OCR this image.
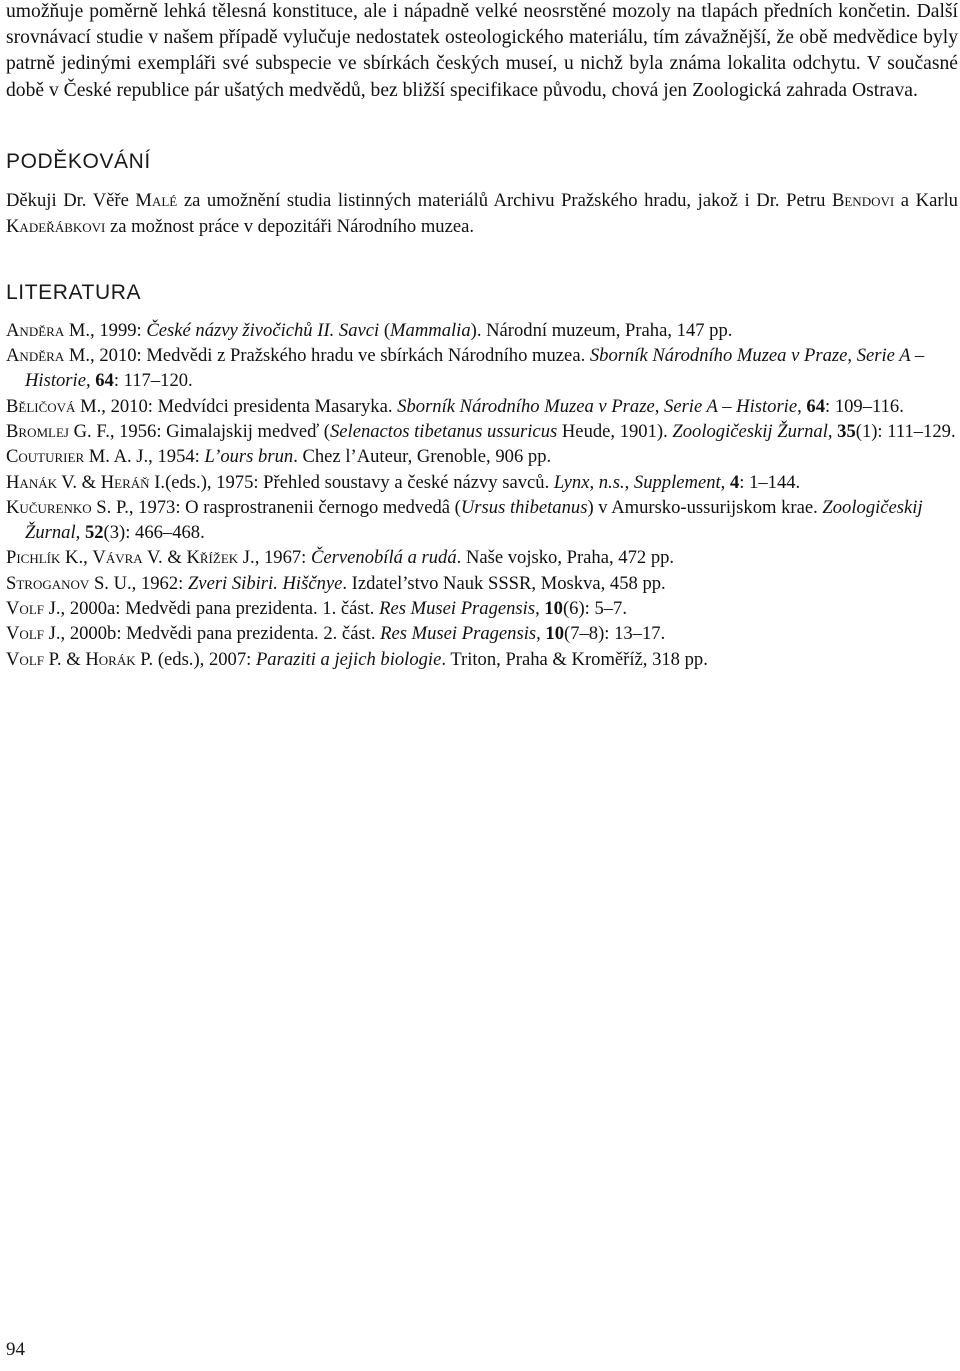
umožňuje poměrně lehká tělesná konstituce, ale i nápadně velké neosrstěné mozoly na tlapách předních končetin. Další srovnávací studie v našem případě vylučuje nedostatek osteologického materiálu, tím závažnější, že obě medvědice byly patrně jedinými exempláři své subspecie ve sbírkách českých museí, u nichž byla známa lokalita odchytu. V současné době v České republice pár ušatých medvědů, bez bližší specifikace původu, chová jen Zoologická zahrada Ostrava.

PODĚKOVÁNÍ

Děkuji Dr. Věře Malé za umožnění studia listinných materiálů Archivu Pražského hradu, jakož i Dr. Petru Bendovi a Karlu Kadeřábkovi za možnost práce v depozitáři Národního muzea.

LITERATURA

Anděra M., 1999: České názvy živočichů II. Savci (Mammalia). Národní muzeum, Praha, 147 pp.

Anděra M., 2010: Medvědi z Pražského hradu ve sbírkách Národního muzea. Sborník Národního Muzea v Praze, Serie A – Historie, 64: 117–120.

Běličová M., 2010: Medvídci presidenta Masaryka. Sborník Národního Muzea v Praze, Serie A – Historie, 64: 109–116.

Bromlej G. F., 1956: Gimalajskij medveď (Selenactos tibetanus ussuricus Heude, 1901). Zoologičeskij Žurnal, 35(1): 111–129.

Couturier M. A. J., 1954: L’ours brun. Chez l’Auteur, Grenoble, 906 pp.

Hanák V. & Heráň I.(eds.), 1975: Přehled soustavy a české názvy savců. Lynx, n.s., Supplement, 4: 1–144.

Kučurenko S. P., 1973: O rasprostranenii černogo medvedâ (Ursus thibetanus) v Amursko-ussurijskom krae. Zoologičeskij Žurnal, 52(3): 466–468.

Pichlík K., Vávra V. & Křížek J., 1967: Červenobílá a rudá. Naše vojsko, Praha, 472 pp.

Stroganov S. U., 1962: Zveri Sibiri. Hiščnye. Izdatel’stvo Nauk SSSR, Moskva, 458 pp.

Volf J., 2000a: Medvědi pana prezidenta. 1. část. Res Musei Pragensis, 10(6): 5–7.

Volf J., 2000b: Medvědi pana prezidenta. 2. část. Res Musei Pragensis, 10(7–8): 13–17.

Volf P. & Horák P. (eds.), 2007: Paraziti a jejich biologie. Triton, Praha & Kroměříž, 318 pp.

94
